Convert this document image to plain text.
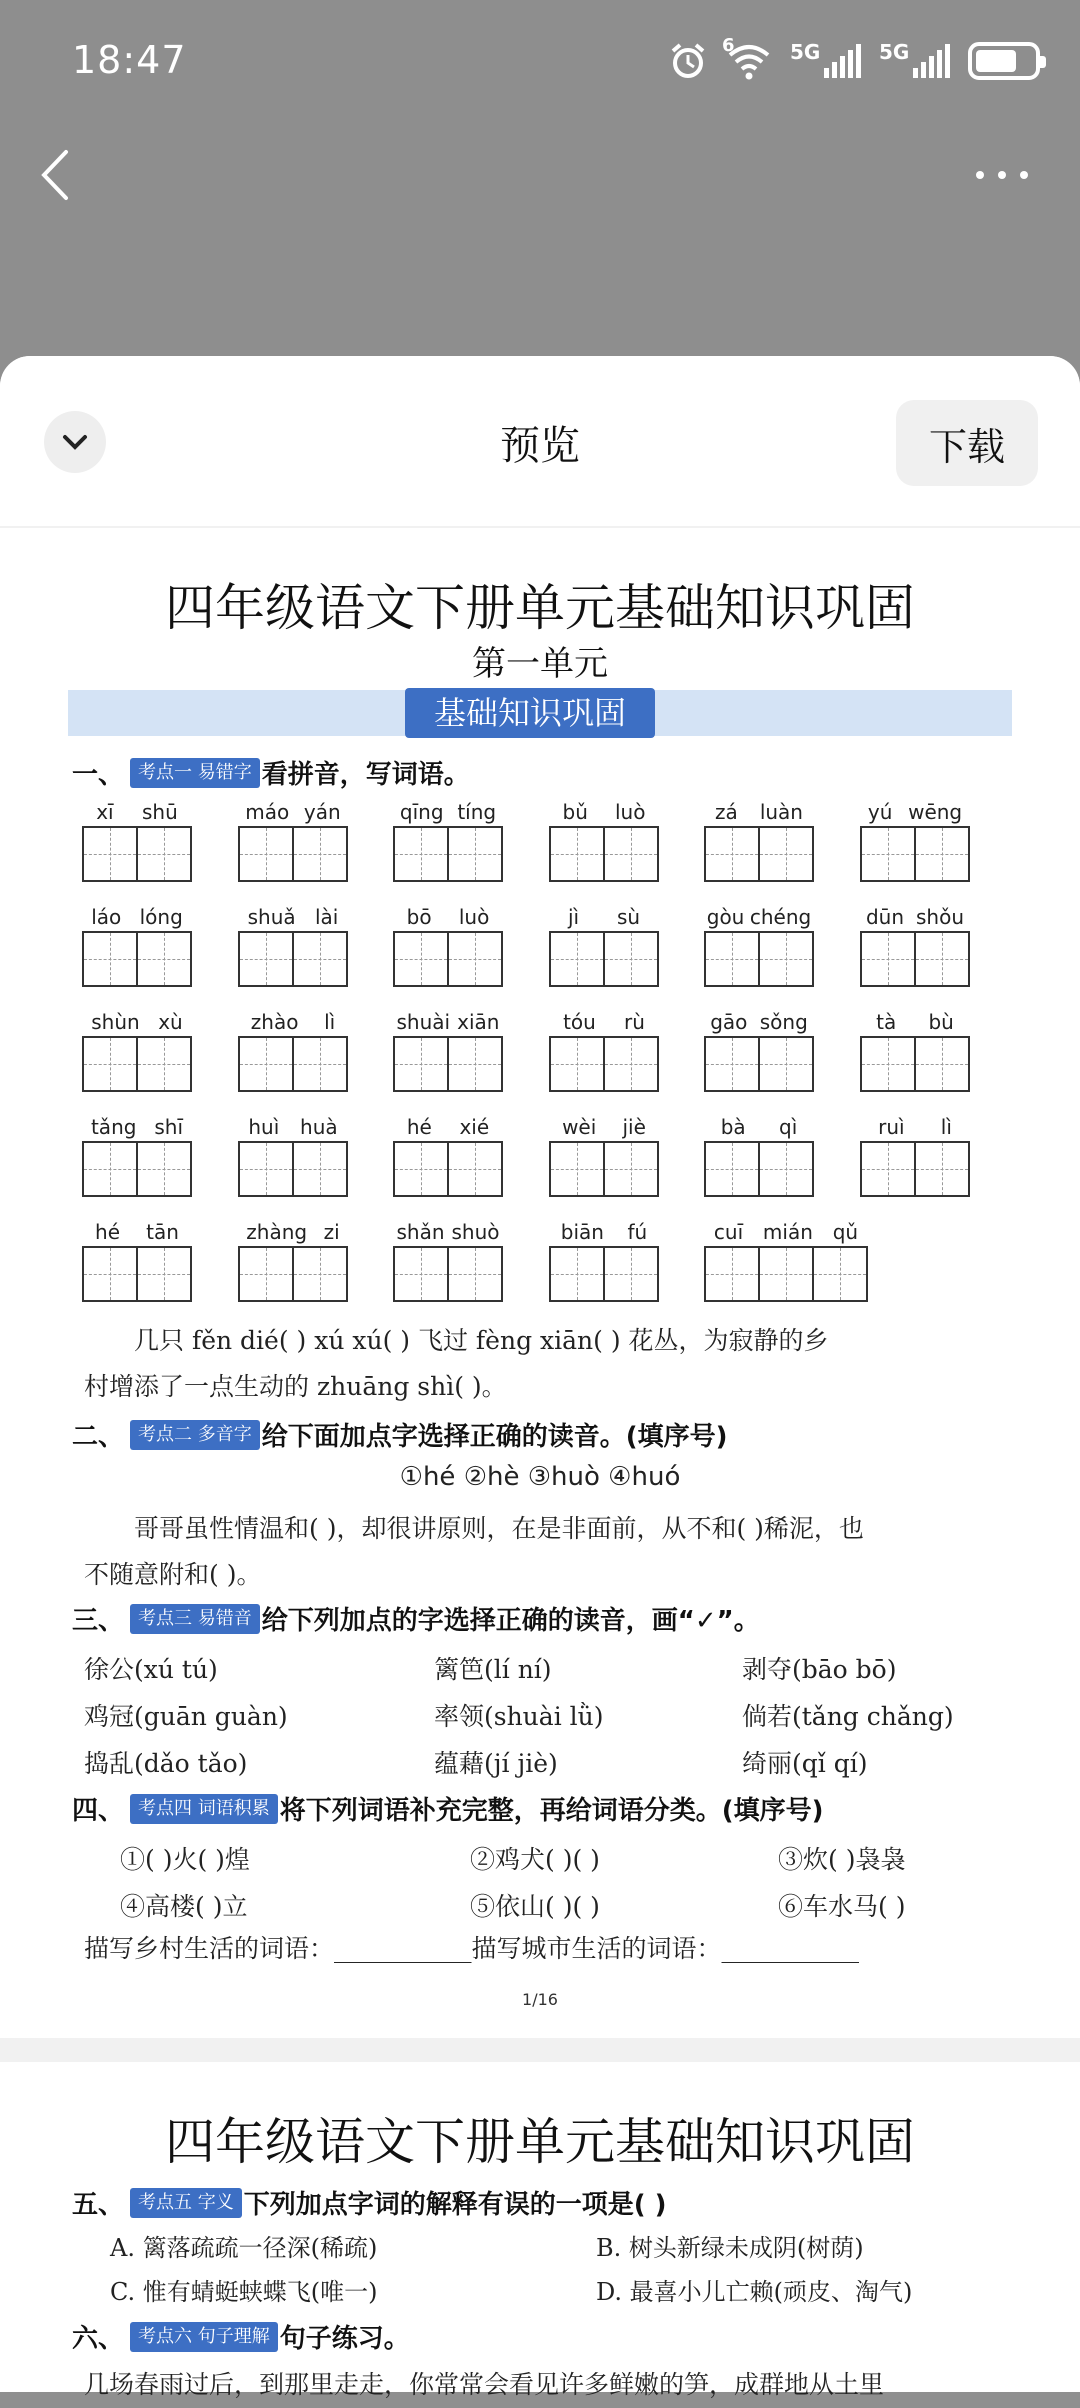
18:47	6	5G	5G
预览	下载
四年级语文下册单元基础知识巩固
第一单元
基础知识巩固
一、 考点一 易错字 看拼音，写词语。
xī shū	máo yán	qīng tíng	bǔ luò	zá luàn	yú wēng
láo lóng	shuǎ lài	bō luò	jì sù	gòu chéng	dūn shǒu
shùn xù	zhào lì	shuài xiān	tóu rù	gāo sǒng	tà bù
tǎng shī	huì huà	hé xié	wèi jiè	bà qì	ruì lì
hé tān	zhàng zi	shǎn shuò	biān fú	cuī mián qǔ
几只 fěn dié( ) xú xú( ) 飞过 fèng xiān( ) 花丛，为寂静的乡
村增添了一点生动的 zhuāng shì( )。
二、 考点二 多音字 给下面加点字选择正确的读音。(填序号)
①hé ②hè ③huò ④huó
哥哥虽性情温和( )，却很讲原则，在是非面前，从不和( )稀泥，也
不随意附和( )。
三、 考点三 易错音 给下列加点的字选择正确的读音，画“✓”。
徐公(xú tú)	篱笆(lí ní)	剥夺(bāo bō)
鸡冠(guān guàn)	率领(shuài lǜ)	倘若(tǎng chǎng)
捣乱(dǎo tǎo)	蕴藉(jí jiè)	绮丽(qǐ qí)
四、 考点四 词语积累 将下列词语补充完整，再给词语分类。(填序号)
①( )火( )煌	②鸡犬( )( )	③炊( )袅袅
④高楼( )立	⑤依山( )( )	⑥车水马( )
描写乡村生活的词语：___________描写城市生活的词语：___________
1/16
四年级语文下册单元基础知识巩固
五、 考点五 字义 下列加点字词的解释有误的一项是( )
A. 篱落疏疏一径深(稀疏)	B. 树头新绿未成阴(树荫)
C. 惟有蜻蜓蛱蝶飞(唯一)	D. 最喜小儿亡赖(顽皮、淘气)
六、 考点六 句子理解 句子练习。
几场春雨过后，到那里走走，你常常会看见许多鲜嫩的笋，成群地从土里
